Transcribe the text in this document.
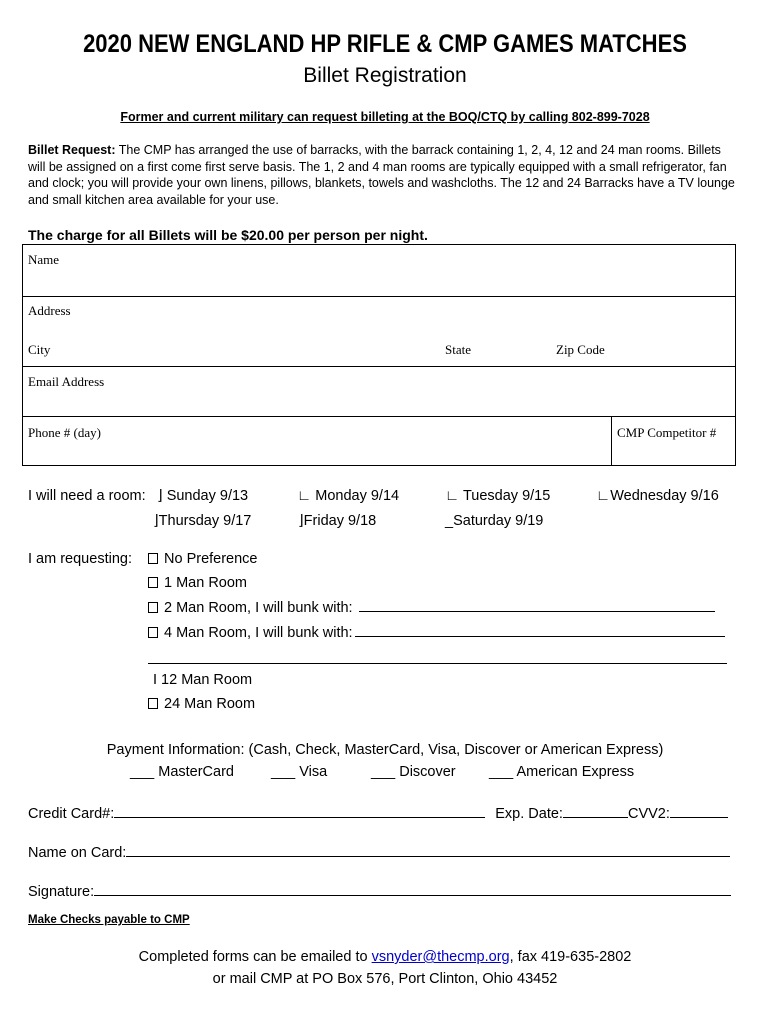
2020 NEW ENGLAND HP RIFLE & CMP GAMES MATCHES
Billet Registration
Former and current military can request billeting at the BOQ/CTQ by calling 802-899-7028
Billet Request: The CMP has arranged the use of barracks, with the barrack containing 1, 2, 4, 12 and 24 man rooms. Billets will be assigned on a first come first serve basis. The 1, 2 and 4 man rooms are typically equipped with a small refrigerator, fan and clock; you will provide your own linens, pillows, blankets, towels and washcloths. The 12 and 24 Barracks have a TV lounge and small kitchen area available for your use.
The charge for all Billets will be $20.00 per person per night.
Name
Address
City	State	Zip Code
Email Address
Phone # (day)	CMP Competitor #
I will need a room: ⌋ Sunday 9/13	∟ Monday 9/14	∟ Tuesday 9/15	∟Wednesday 9/16
⌋Thursday 9/17	⌋Friday 9/18	_Saturday 9/19
I am requesting:	No Preference
1 Man Room
2 Man Room, I will bunk with:
4 Man Room, I will bunk with:
I 12 Man Room
24 Man Room
Payment Information: (Cash, Check, MasterCard, Visa, Discover or American Express)
___ MasterCard	___ Visa	___ Discover ___ American Express
Credit Card#:	Exp. Date:	CVV2:
Name on Card:
Signature:
Make Checks payable to CMP
Completed forms can be emailed to vsnyder@thecmp.org, fax 419-635-2802
or mail CMP at PO Box 576, Port Clinton, Ohio 43452
